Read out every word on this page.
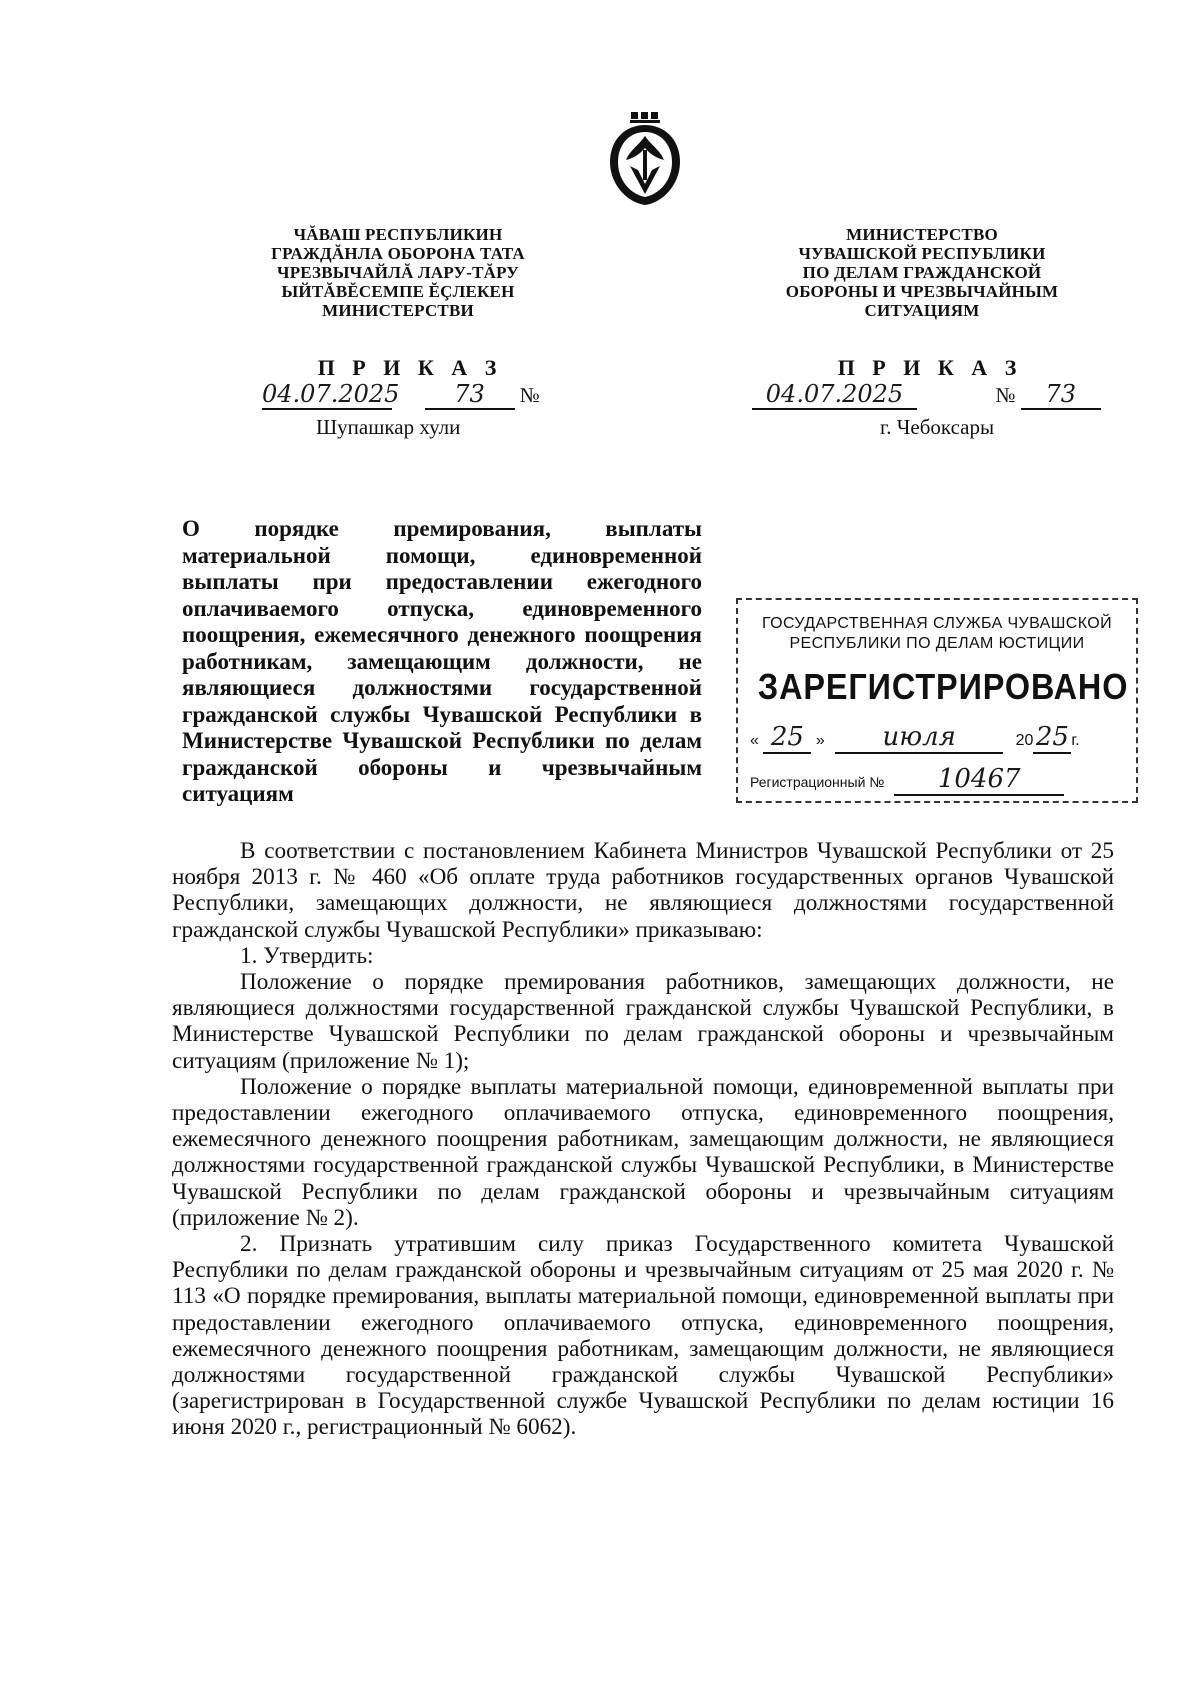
ЧĂВАШ РЕСПУБЛИКИН
ГРАЖДĂНЛА ОБОРОНА ТАТА
ЧРЕЗВЫЧАЙЛĂ ЛАРУ-ТĂРУ
ЫЙТĂВĔСЕМПЕ ĔÇЛЕКЕН
МИНИСТЕРСТВИ
МИНИСТЕРСТВО
ЧУВАШСКОЙ РЕСПУБЛИКИ
ПО ДЕЛАМ ГРАЖДАНСКОЙ
ОБОРОНЫ И ЧРЕЗВЫЧАЙНЫМ
СИТУАЦИЯМ
П Р И К А З	П Р И К А З
04.07.2025 73 №	04.07.2025	№ 73
Шупашкар хули	г. Чебоксары
О порядке премирования, выплаты материальной помощи, единовременной выплаты при предоставлении ежегодного оплачиваемого отпуска, единовременного поощрения, ежемесячного денежного поощрения работникам, замещающим должности, не являющиеся должностями государственной гражданской службы Чувашской Республики в Министерстве Чувашской Республики по делам гражданской обороны и чрезвычайным ситуациям
ГОСУДАРСТВЕННАЯ СЛУЖБА ЧУВАШСКОЙ
РЕСПУБЛИКИ ПО ДЕЛАМ ЮСТИЦИИ
ЗАРЕГИСТРИРОВАНО
« 25 » июля	2025 г.
Регистрационный № 10467

В соответствии с постановлением Кабинета Министров Чувашской Республики от 25 ноября 2013 г. № 460 «Об оплате труда работников государственных органов Чувашской Республики, замещающих должности, не являющиеся должностями государственной гражданской службы Чувашской Республики» приказываю:

1. Утвердить:

Положение о порядке премирования работников, замещающих должности, не являющиеся должностями государственной гражданской службы Чувашской Республики, в Министерстве Чувашской Республики по делам гражданской обороны и чрезвычайным ситуациям (приложение № 1);

Положение о порядке выплаты материальной помощи, единовременной выплаты при предоставлении ежегодного оплачиваемого отпуска, единовременного поощрения, ежемесячного денежного поощрения работникам, замещающим должности, не являющиеся должностями государственной гражданской службы Чувашской Республики, в Министерстве Чувашской Республики по делам гражданской обороны и чрезвычайным ситуациям (приложение № 2).

2. Признать утратившим силу приказ Государственного комитета Чувашской Республики по делам гражданской обороны и чрезвычайным ситуациям от 25 мая 2020 г. № 113 «О порядке премирования, выплаты материальной помощи, единовременной выплаты при предоставлении ежегодного оплачиваемого отпуска, единовременного поощрения, ежемесячного денежного поощрения работникам, замещающим должности, не являющиеся должностями государственной гражданской службы Чувашской Республики» (зарегистрирован в Государственной службе Чувашской Республики по делам юстиции 16 июня 2020 г., регистрационный № 6062).
